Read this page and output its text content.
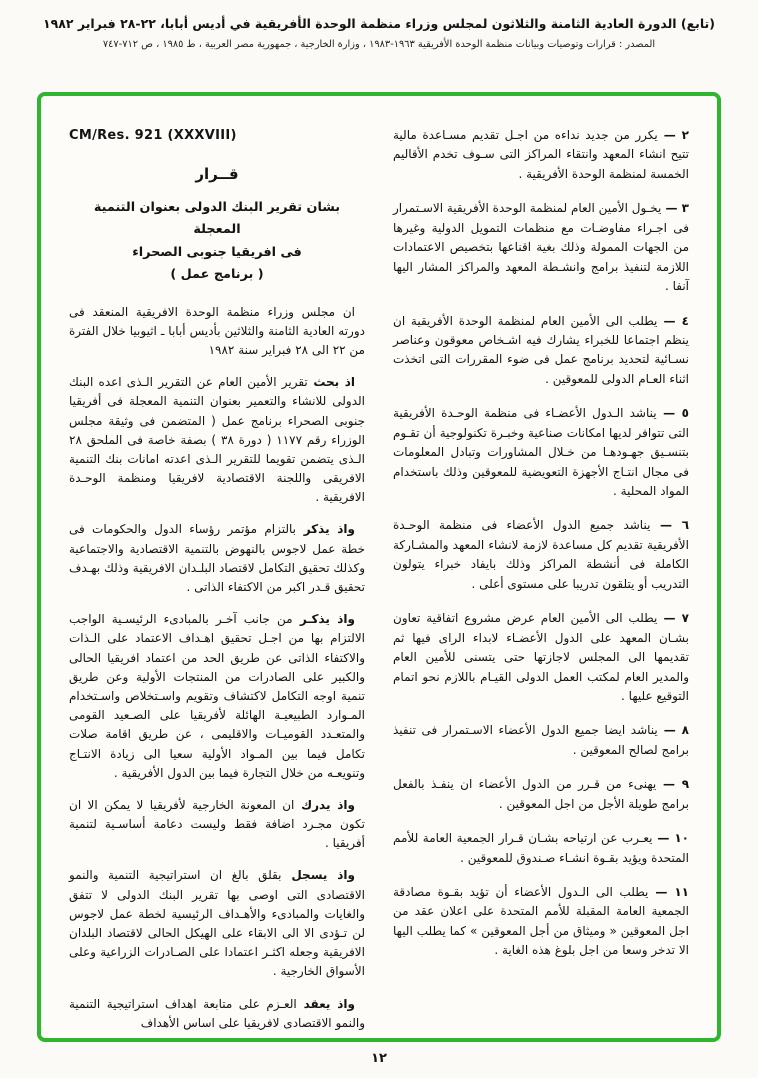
(تابع) الدورة العادية الثامنة والثلاثون لمجلس وزراء منظمة الوحدة الأفريقية في أديس أبابا، ٢٢-٢٨ فبراير ١٩٨٢
المصدر : قرارات وتوصيات وبيانات منظمة الوحدة الأفريقية ١٩٦٣-١٩٨٣ ، وزارة الخارجية ، جمهورية مصر العربية ، ط ١٩٨٥ ، ص ٧١٢-٧٤٧

٢ — يكرر من جديد نداءه من اجـل تقديم مسـاعدة مالية تتيح انشاء المعهد وانتقاء المراكز التى سـوف تخدم الأقاليم الخمسة لمنظمة الوحدة الأفريقية .

٣ — يخـول الأمين العام لمنظمة الوحدة الأفريقية الاسـتمرار فى اجـراء مفاوضـات مع منظمات التمويل الدولية وغيرها من الجهات الممولة وذلك بغية اقناعها بتخصيص الاعتمادات اللازمة لتنفيذ برامج وانشـطة المعهد والمراكز المشار اليها آنفا .

٤ — يطلب الى الأمين العام لمنظمة الوحدة الأفريقية ان ينظم اجتماعا للخبراء يشارك فيه اشـخاص معوقون وعناصر نسـائية لتحديد برنامج عمل فى ضوء المقررات التى اتخذت اثناء العـام الدولى للمعوقين .

٥ — يناشد الـدول الأعضـاء فى منظمة الوحـدة الأفريقية التى تتوافر لديها امكانات صناعية وخبـرة تكنولوجية أن تقـوم بتنسـيق جهـودهـا من خـلال المشاورات وتبادل المعلومات فى مجال انتـاج الأجهزة التعويضية للمعوقين وذلك باستخدام المواد المحلية .

٦ — يناشد جميع الدول الأعضاء فى منظمة الوحـدة الأفريقية تقديم كل مساعدة لازمة لانشاء المعهد والمشـاركة الكاملة فى أنشطة المراكز وذلك بايفاد خبراء يتولون التدريب أو يتلقون تدريبا على مستوى أعلى .

٧ — يطلب الى الأمين العام عرض مشروع اتفاقية تعاون بشـان المعهد على الدول الأعضـاء لابداء الراى فيها ثم تقديمها الى المجلس لاجازتها حتى يتسنى للأمين العام والمدير العام لمكتب العمل الدولى القيـام باللازم نحو اتمام التوقيع عليها .

٨ — يناشد ايضا جميع الدول الأعضاء الاسـتمرار فى تنفيذ برامج لصالح المعوقين .

٩ — يهنىء من قـرر من الدول الأعضاء ان ينفـذ بالفعل برامج طويلة الأجل من اجل المعوقين .

١٠ — يعـرب عن ارتياحه بشـان قـرار الجمعية العامة للأمم المتحدة ويؤيد بقـوة انشـاء صـندوق للمعوقين .

١١ — يطلب الى الـدول الأعضاء أن تؤيد بقـوة مصادقة الجمعية العامة المقبلة للأمم المتحدة على اعلان عقد من اجل المعوقين « وميثاق من أجل المعوقين » كما يطلب اليها الا تدخر وسعا من اجل بلوغ هذه الغاية .

CM/Res. 921 (XXXVIII)
قــرار
بشان تقرير البنك الدولى بعنوان التنمية المعجلة
فى افريقيا جنوبى الصحراء
( برنامج عمل )

ان مجلس وزراء منظمة الوحدة الافريقية المنعقد فى دورته العادية الثامنة والثلاثين بأديس أبابا ـ اثيوبيا خلال الفترة من ٢٢ الى ٢٨ فبراير سنة ١٩٨٢

اذ بحث تقرير الأمين العام عن التقرير الـذى اعده البنك الدولى للانشاء والتعمير بعنوان التنمية المعجلة فى أفريقيا جنوبى الصحراء برنامج عمل ( المتضمن فى وثيقة مجلس الوزراء رقم ١١٧٧ ( دورة ٣٨ ) بصفة خاصة فى الملحق ٢٨ الـذى يتضمن تقويما للتقرير الـذى اعدته امانات بنك التنمية الافريقى واللجنة الاقتصادية لافريقيا ومنظمة الوحـدة الافريقية .

واذ يذكر بالتزام مؤتمر رؤساء الدول والحكومات فى خطة عمل لاجوس بالنهوض بالتنمية الاقتصادية والاجتماعية وكذلك تحقيق التكامل لاقتصاد البلـدان الافريقية وذلك بهـدف تحقيق قـدر اكبر من الاكتفاء الذاتى .

واذ يذكـر من جانب آخـر بالمبادىء الرئيسـية الواجب الالتزام بها من اجـل تحقيق اهـداف الاعتماد على الـذات والاكتفاء الذاتى عن طريق الحد من اعتماد افريقيا الحالى والكبير على الصادرات من المنتجات الأولية وعن طريق تنمية اوجه التكامل لاكتشاف وتقويم واسـتخلاص واسـتخدام المـوارد الطبيعيـة الهائلة لأفريقيا على الصـعيد القومى والمتعـدد القوميـات والاقليمى ، عن طريق اقامة صلات تكامل فيما بين المـواد الأولية سعيا الى زيادة الانتـاج وتنويعـه من خلال التجارة فيما بين الدول الأفريقية .

واذ يدرك ان المعونة الخارجية لأفريقيا لا يمكن الا ان تكون مجـرد اضافة فقط وليست دعامة أساسـية لتنمية أفريقيا .

واذ يسجل بقلق بالغ ان استراتيجية التنمية والنمو الاقتصادى التى اوصى بها تقرير البنك الدولى لا تتفق والغايات والمبادىء والأهـداف الرئيسية لخطة عمل لاجوس لن تـؤدى الا الى الابقاء على الهيكل الحالى لاقتصاد البلدان الافريقية وجعله اكثـر اعتمادا على الصـادرات الزراعية وعلى الأسواق الخارجية .

واذ يعقد العـزم على متابعة اهداف استراتيجية التنمية والنمو الاقتصادى لافريقيا على اساس الأهداف

١٢
